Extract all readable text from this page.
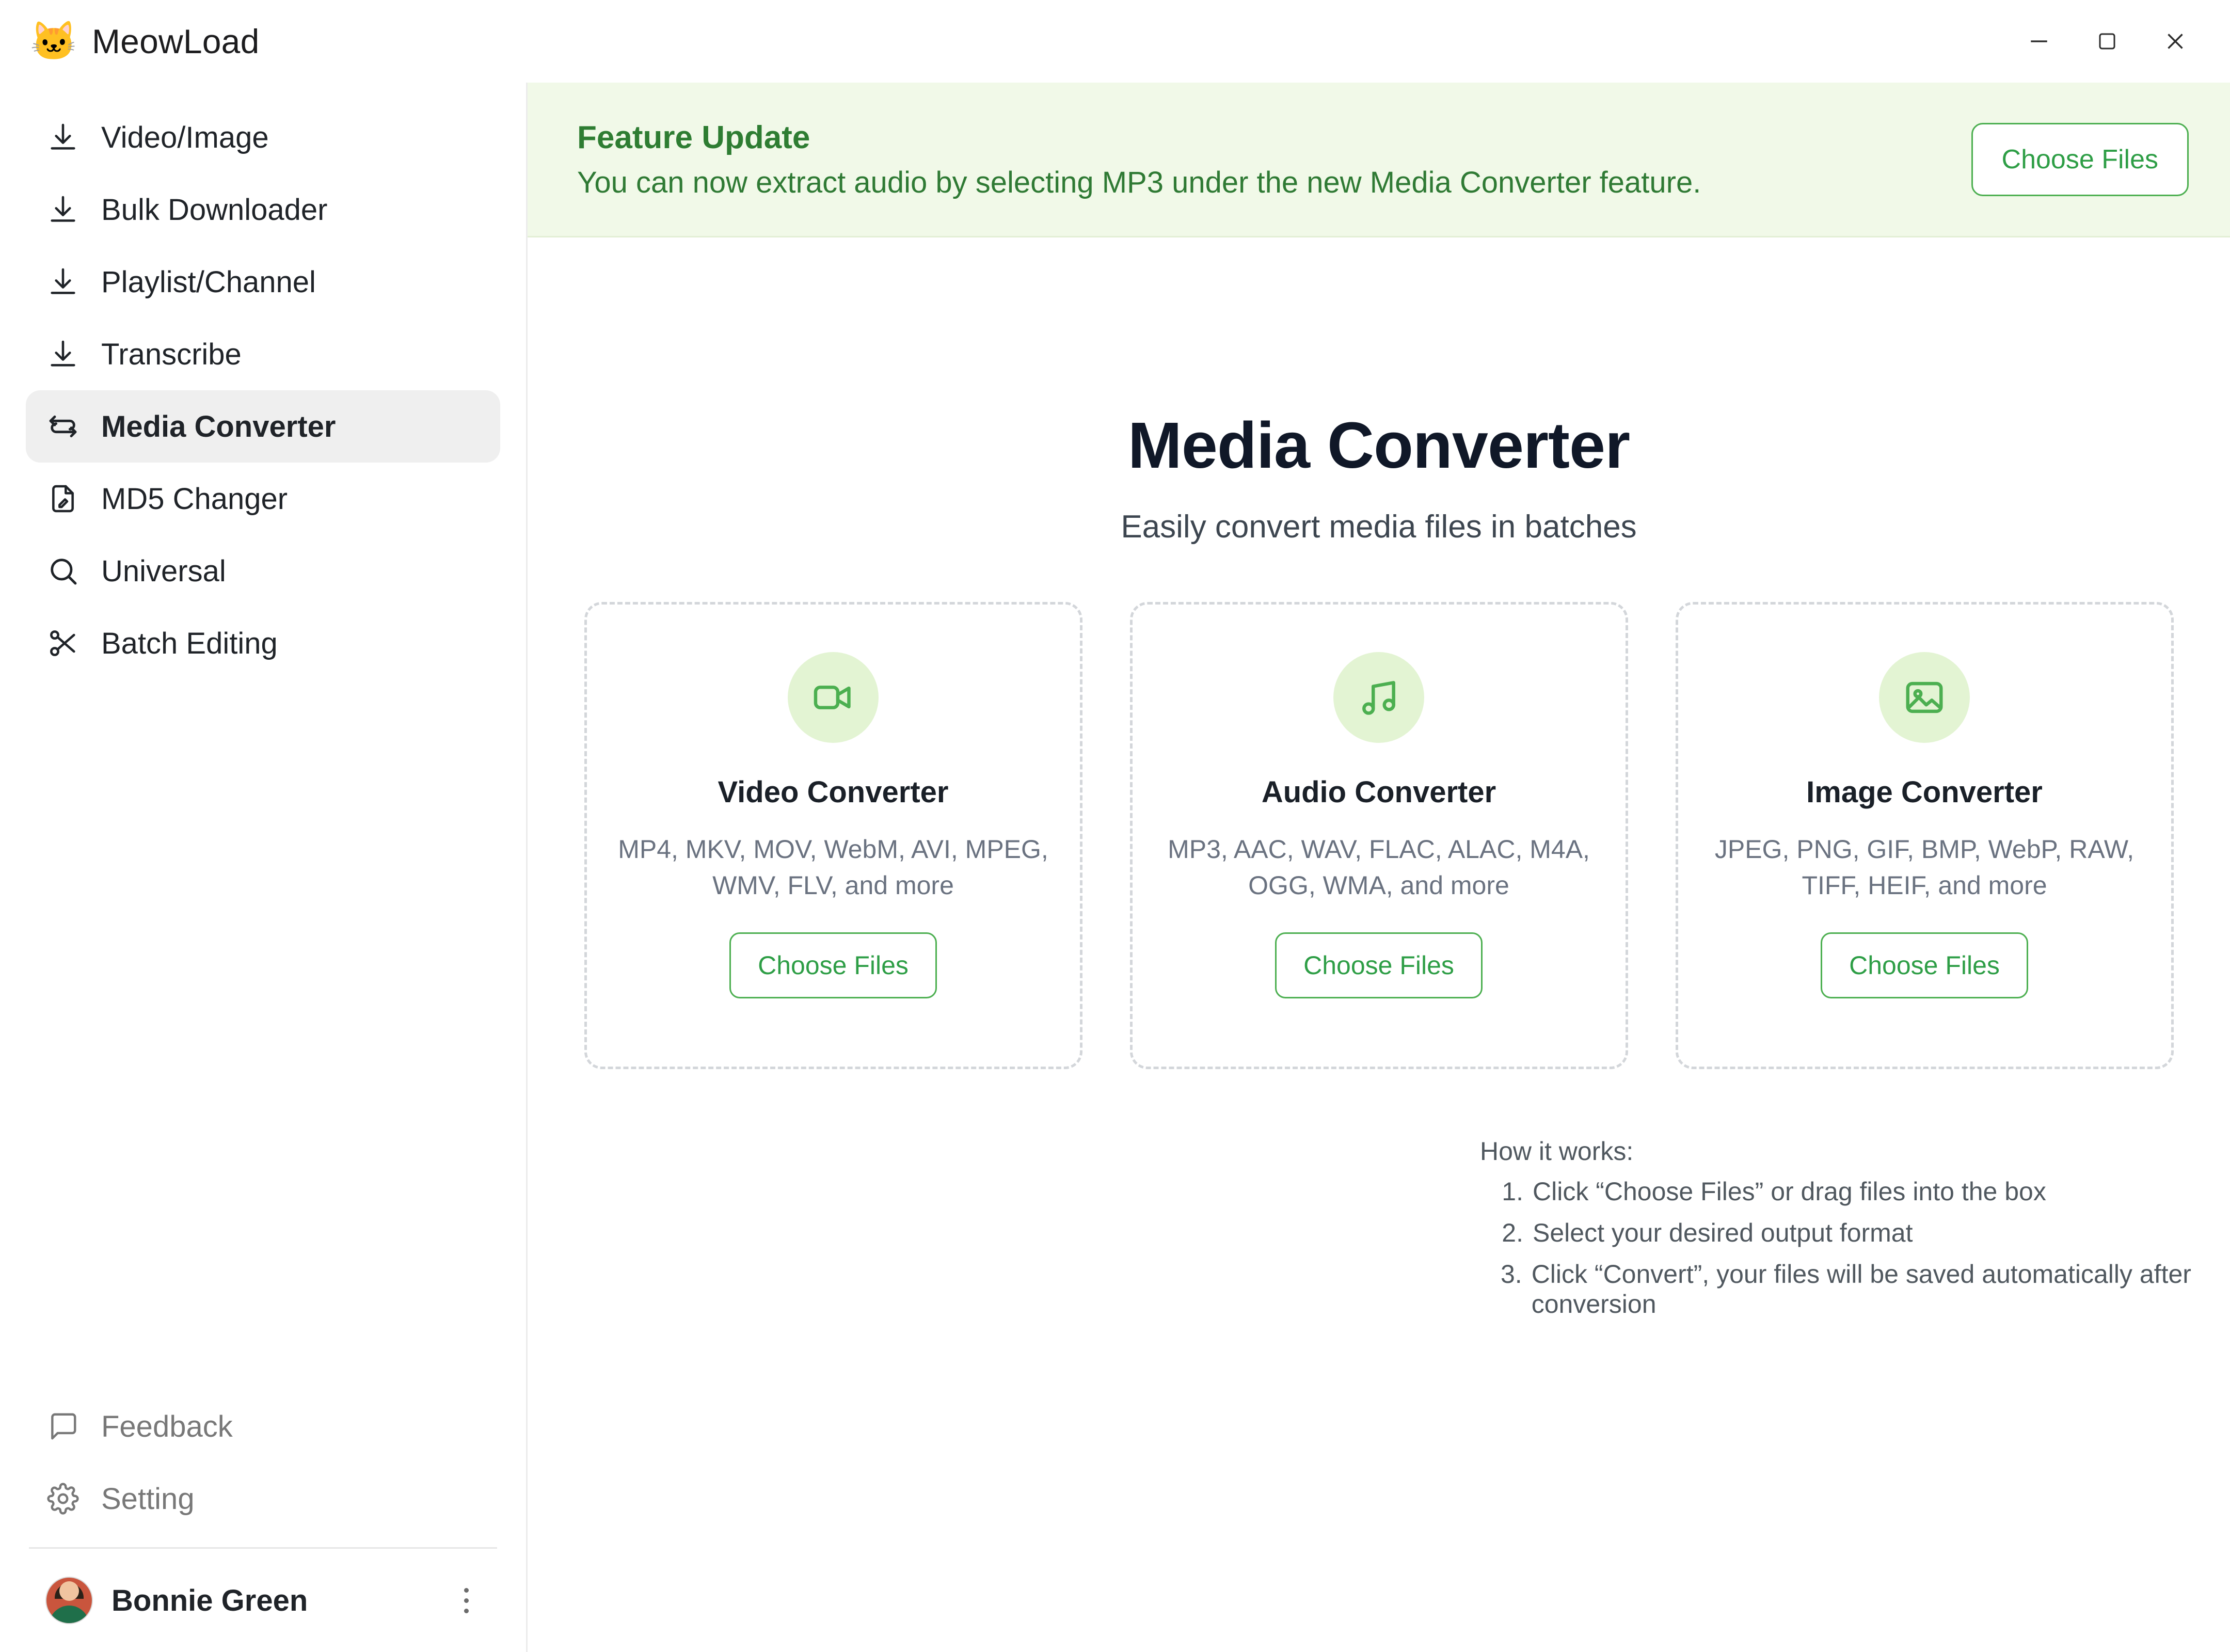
🐱 MeowLoad
Video/Image
Bulk Downloader
Playlist/Channel
Transcribe
Media Converter
MD5 Changer
Universal
Batch Editing
Feedback
Setting
Bonnie Green
Feature Update
You can now extract audio by selecting MP3 under the new Media Converter feature.
Choose Files
Media Converter
Easily convert media files in batches
Video Converter
MP4, MKV, MOV, WebM, AVI, MPEG, WMV, FLV, and more
Choose Files
Audio Converter
MP3, AAC, WAV, FLAC, ALAC, M4A, OGG, WMA, and more
Choose Files
Image Converter
JPEG, PNG, GIF, BMP, WebP, RAW, TIFF, HEIF, and more
Choose Files
How it works:
1. Click “Choose Files” or drag files into the box
2. Select your desired output format
3. Click “Convert”, your files will be saved automatically after conversion
